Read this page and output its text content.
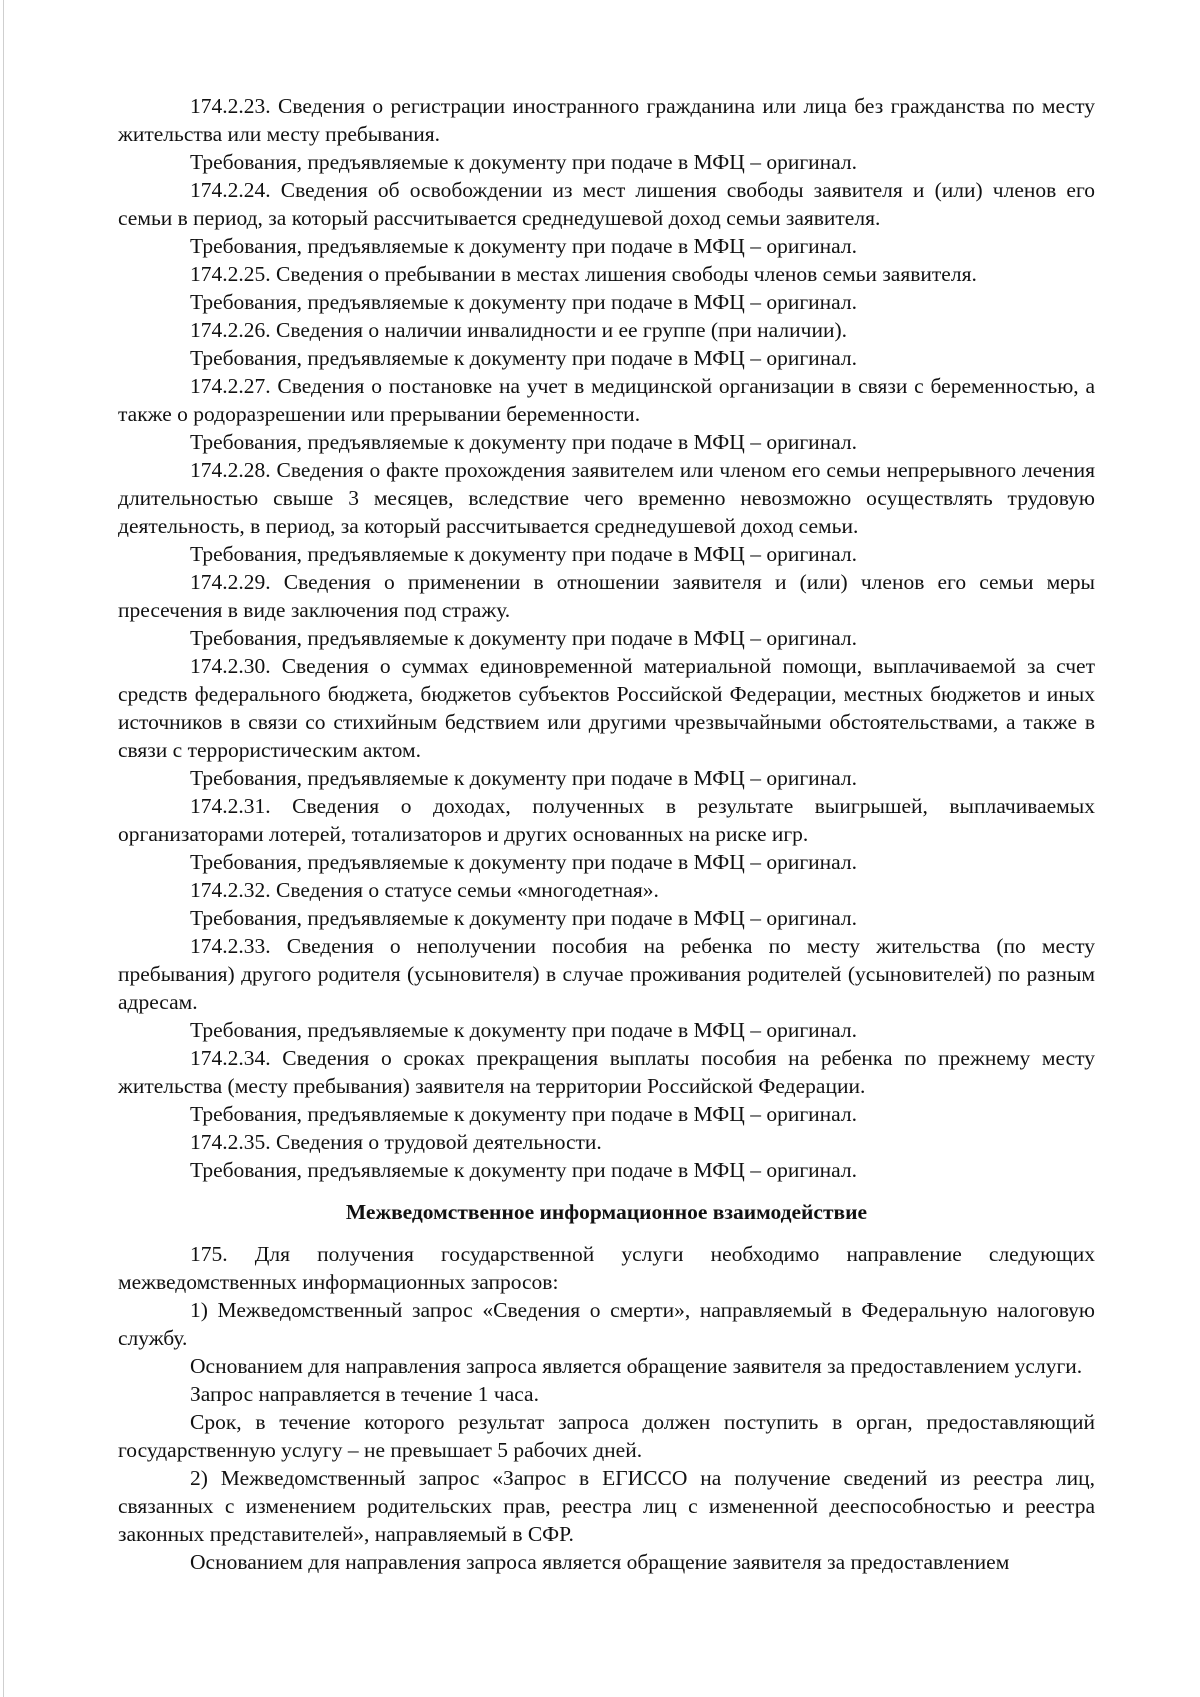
174.2.23. Сведения о регистрации иностранного гражданина или лица без гражданства по месту жительства или месту пребывания.

Требования, предъявляемые к документу при подаче в МФЦ – оригинал.

174.2.24. Сведения об освобождении из мест лишения свободы заявителя и (или) членов его семьи в период, за который рассчитывается среднедушевой доход семьи заявителя.

Требования, предъявляемые к документу при подаче в МФЦ – оригинал.

174.2.25. Сведения о пребывании в местах лишения свободы членов семьи заявителя.

Требования, предъявляемые к документу при подаче в МФЦ – оригинал.

174.2.26. Сведения о наличии инвалидности и ее группе (при наличии).

Требования, предъявляемые к документу при подаче в МФЦ – оригинал.

174.2.27. Сведения о постановке на учет в медицинской организации в связи с беременностью, а также о родоразрешении или прерывании беременности.

Требования, предъявляемые к документу при подаче в МФЦ – оригинал.

174.2.28. Сведения о факте прохождения заявителем или членом его семьи непрерывного лечения длительностью свыше 3 месяцев, вследствие чего временно невозможно осуществлять трудовую деятельность, в период, за который рассчитывается среднедушевой доход семьи.

Требования, предъявляемые к документу при подаче в МФЦ – оригинал.

174.2.29. Сведения о применении в отношении заявителя и (или) членов его семьи меры пресечения в виде заключения под стражу.

Требования, предъявляемые к документу при подаче в МФЦ – оригинал.

174.2.30. Сведения о суммах единовременной материальной помощи, выплачиваемой за счет средств федерального бюджета, бюджетов субъектов Российской Федерации, местных бюджетов и иных источников в связи со стихийным бедствием или другими чрезвычайными обстоятельствами, а также в связи с террористическим актом.

Требования, предъявляемые к документу при подаче в МФЦ – оригинал.

174.2.31. Сведения о доходах, полученных в результате выигрышей, выплачиваемых организаторами лотерей, тотализаторов и других основанных на риске игр.

Требования, предъявляемые к документу при подаче в МФЦ – оригинал.

174.2.32. Сведения о статусе семьи «многодетная».

Требования, предъявляемые к документу при подаче в МФЦ – оригинал.

174.2.33. Сведения о неполучении пособия на ребенка по месту жительства (по месту пребывания) другого родителя (усыновителя) в случае проживания родителей (усыновителей) по разным адресам.

Требования, предъявляемые к документу при подаче в МФЦ – оригинал.

174.2.34. Сведения о сроках прекращения выплаты пособия на ребенка по прежнему месту жительства (месту пребывания) заявителя на территории Российской Федерации.

Требования, предъявляемые к документу при подаче в МФЦ – оригинал.

174.2.35. Сведения о трудовой деятельности.

Требования, предъявляемые к документу при подаче в МФЦ – оригинал.

Межведомственное информационное взаимодействие

175. Для получения государственной услуги необходимо направление следующих межведомственных информационных запросов:

1) Межведомственный запрос «Сведения о смерти», направляемый в Федеральную налоговую службу.

Основанием для направления запроса является обращение заявителя за предоставлением услуги.

Запрос направляется в течение 1 часа.

Срок, в течение которого результат запроса должен поступить в орган, предоставляющий государственную услугу – не превышает 5 рабочих дней.

2) Межведомственный запрос «Запрос в ЕГИССО на получение сведений из реестра лиц, связанных с изменением родительских прав, реестра лиц с измененной дееспособностью и реестра законных представителей», направляемый в СФР.

Основанием для направления запроса является обращение заявителя за предоставлением
